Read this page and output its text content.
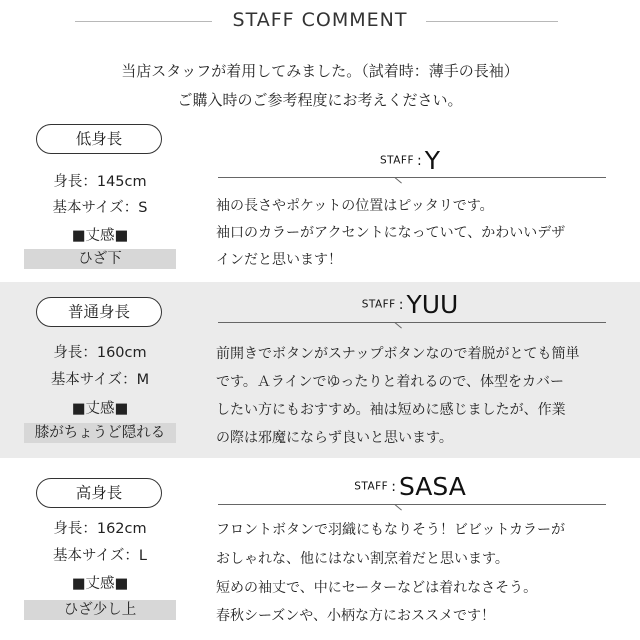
STAFF COMMENT
当店スタッフが着用してみました。（試着時：薄手の長袖）
ご購入時のご参考程度にお考えください。
低身長
身長：145cm
基本サイズ：S
■丈感■
ひざ下
STAFF : Y
袖の長さやポケットの位置はピッタリです。
袖口のカラーがアクセントになっていて、かわいいデザ
インだと思います！
普通身長
身長：160cm
基本サイズ：M
■丈感■
膝がちょうど隠れる
STAFF : YUU
前開きでボタンがスナップボタンなので着脱がとても簡単
です。Ａラインでゆったりと着れるので、体型をカバー
したい方にもおすすめ。袖は短めに感じましたが、作業
の際は邪魔にならず良いと思います。
高身長
身長：162cm
基本サイズ：L
■丈感■
ひざ少し上
STAFF : SASA
フロントボタンで羽織にもなりそう！ビビットカラーが
おしゃれな、他にはない割烹着だと思います。
短めの袖丈で、中にセーターなどは着れなさそう。
春秋シーズンや、小柄な方におススメです！
